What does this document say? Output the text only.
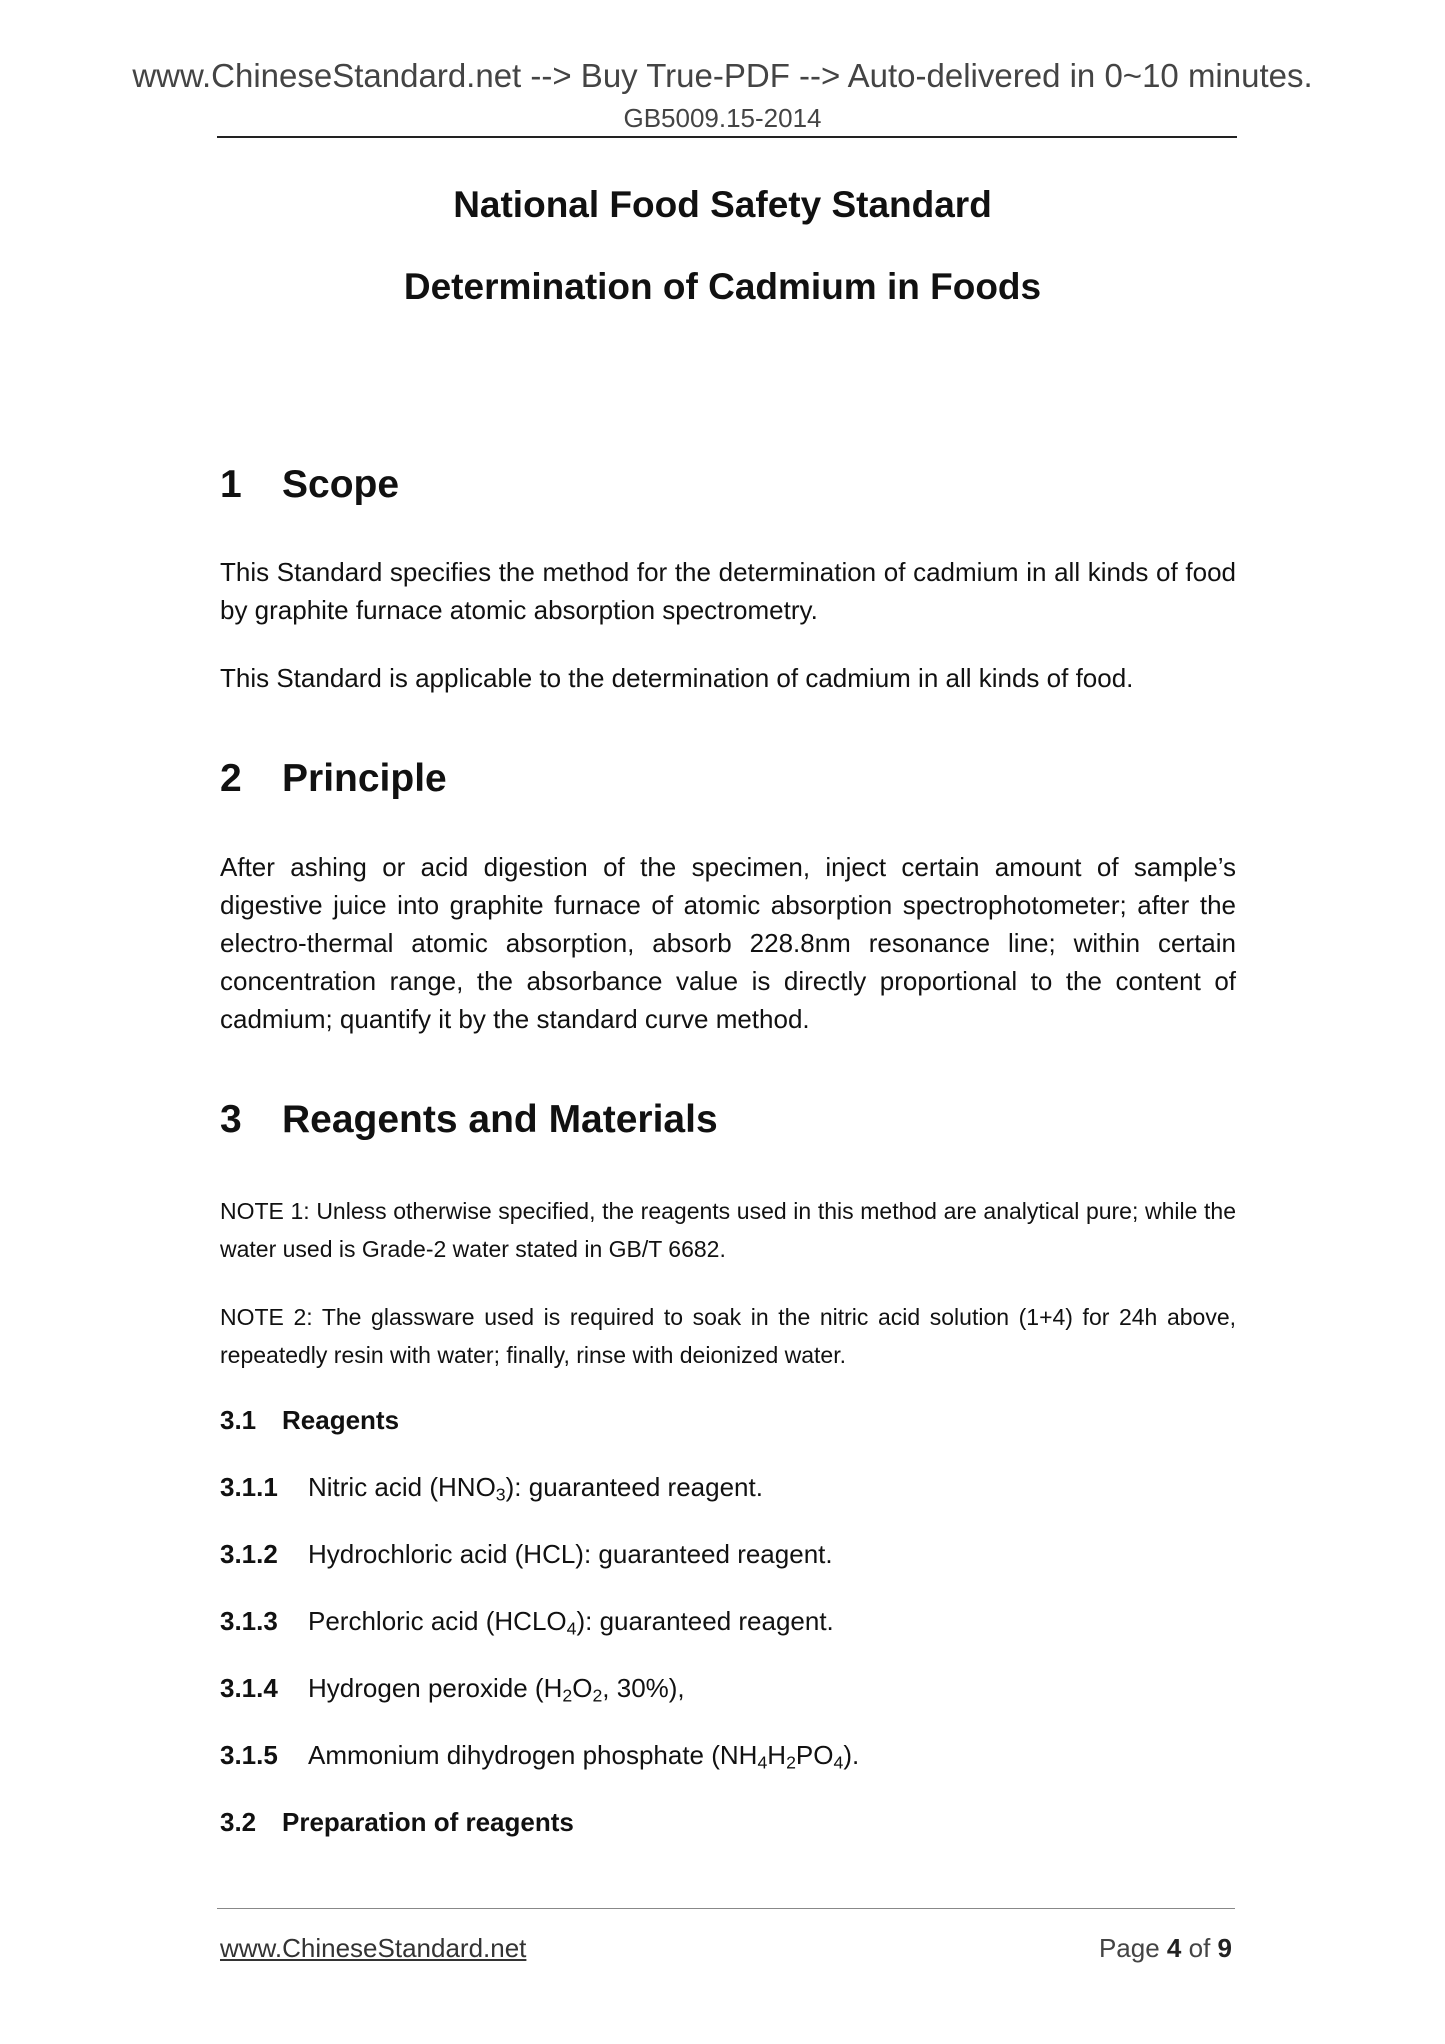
www.ChineseStandard.net --> Buy True-PDF --> Auto-delivered in 0~10 minutes.
GB5009.15-2014
National Food Safety Standard
Determination of Cadmium in Foods
1 Scope
This Standard specifies the method for the determination of cadmium in all kinds of food by graphite furnace atomic absorption spectrometry.
This Standard is applicable to the determination of cadmium in all kinds of food.
2 Principle
After ashing or acid digestion of the specimen, inject certain amount of sample’s digestive juice into graphite furnace of atomic absorption spectrophotometer; after the electro-thermal atomic absorption, absorb 228.8nm resonance line; within certain concentration range, the absorbance value is directly proportional to the content of cadmium; quantify it by the standard curve method.
3 Reagents and Materials
NOTE 1: Unless otherwise specified, the reagents used in this method are analytical pure; while the water used is Grade-2 water stated in GB/T 6682.
NOTE 2: The glassware used is required to soak in the nitric acid solution (1+4) for 24h above, repeatedly resin with water; finally, rinse with deionized water.
3.1 Reagents
3.1.1 Nitric acid $(HNO_3)$: guaranteed reagent.
3.1.2 Hydrochloric acid (HCL): guaranteed reagent.
3.1.3 Perchloric acid $(HCLO_4)$: guaranteed reagent.
3.1.4 Hydrogen peroxide ($H_2O_2$, 30%),
3.1.5 Ammonium dihydrogen phosphate $(NH_4H_2PO_4)$.
3.2 Preparation of reagents
www.ChineseStandard.net	Page 4 of 9
